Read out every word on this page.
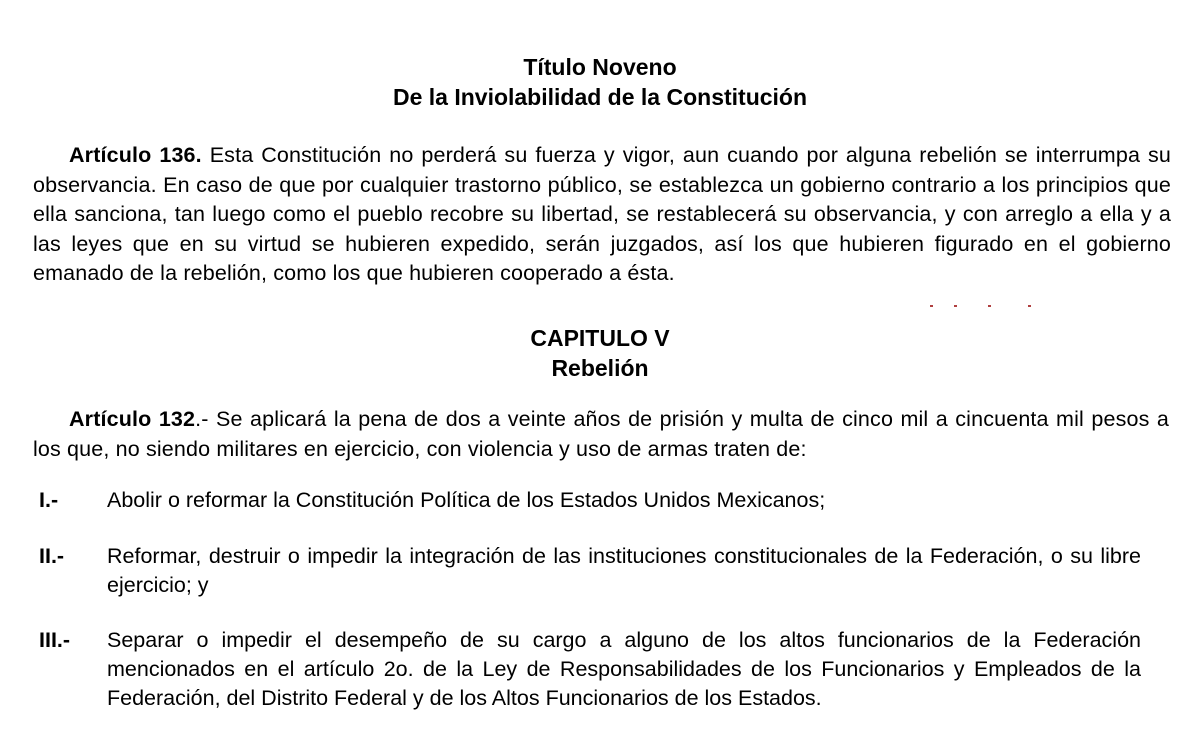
Título Noveno
De la Inviolabilidad de la Constitución

Artículo 136. Esta Constitución no perderá su fuerza y vigor, aun cuando por alguna rebelión se interrumpa su observancia. En caso de que por cualquier trastorno público, se establezca un gobierno contrario a los principios que ella sanciona, tan luego como el pueblo recobre su libertad, se restablecerá su observancia, y con arreglo a ella y a las leyes que en su virtud se hubieren expedido, serán juzgados, así los que hubieren figurado en el gobierno emanado de la rebelión, como los que hubieren cooperado a ésta.

CAPITULO V
Rebelión

Artículo 132.- Se aplicará la pena de dos a veinte años de prisión y multa de cinco mil a cincuenta mil pesos a los que, no siendo militares en ejercicio, con violencia y uso de armas traten de:

I.- Abolir o reformar la Constitución Política de los Estados Unidos Mexicanos;
II.- Reformar, destruir o impedir la integración de las instituciones constitucionales de la Federación, o su libre ejercicio; y
III.- Separar o impedir el desempeño de su cargo a alguno de los altos funcionarios de la Federación mencionados en el artículo 2o. de la Ley de Responsabilidades de los Funcionarios y Empleados de la Federación, del Distrito Federal y de los Altos Funcionarios de los Estados.
